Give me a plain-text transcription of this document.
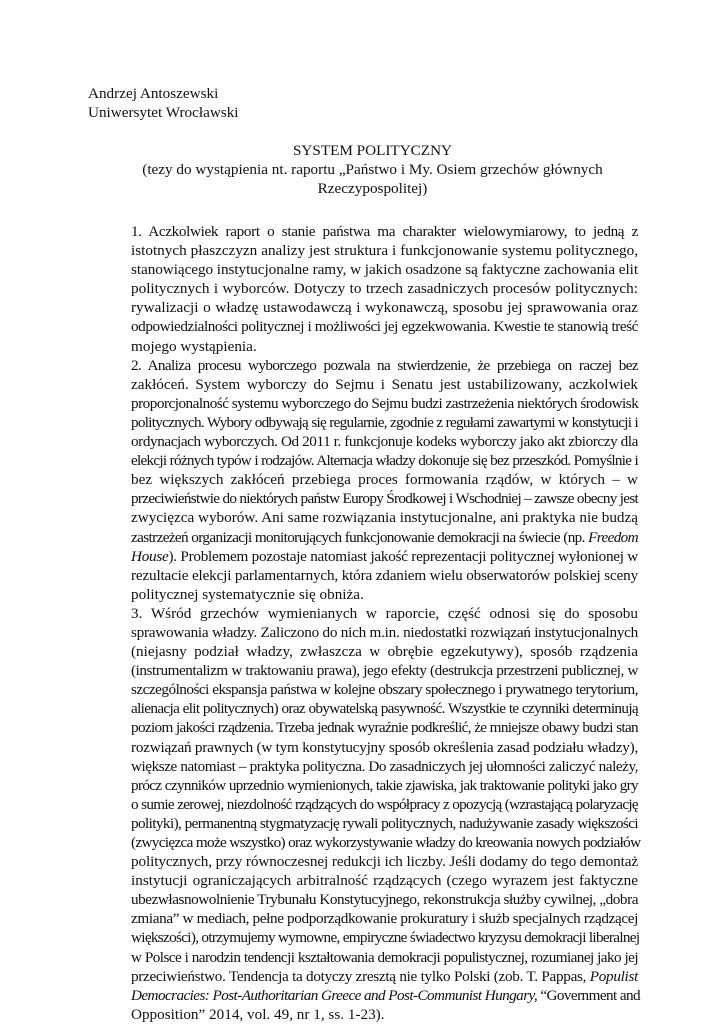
Andrzej Antoszewski
Uniwersytet Wrocławski
SYSTEM POLITYCZNY
(tezy do wystąpienia nt. raportu „Państwo i My. Osiem grzechów głównych
Rzeczypospolitej)
1. Aczkolwiek raport o stanie państwa ma charakter wielowymiarowy, to jedną z
istotnych płaszczyzn analizy jest struktura i funkcjonowanie systemu politycznego,
stanowiącego instytucjonalne ramy, w jakich osadzone są faktyczne zachowania elit
politycznych i wyborców. Dotyczy to trzech zasadniczych procesów politycznych:
rywalizacji o władzę ustawodawczą i wykonawczą, sposobu jej sprawowania oraz
odpowiedzialności politycznej i możliwości jej egzekwowania. Kwestie te stanowią treść
mojego wystąpienia.
2. Analiza procesu wyborczego pozwala na stwierdzenie, że przebiega on raczej bez
zakłóceń. System wyborczy do Sejmu i Senatu jest ustabilizowany, aczkolwiek
proporcjonalność systemu wyborczego do Sejmu budzi zastrzeżenia niektórych środowisk
politycznych. Wybory odbywają się regularnie, zgodnie z regułami zawartymi w konstytucji i
ordynacjach wyborczych. Od 2011 r. funkcjonuje kodeks wyborczy jako akt zbiorczy dla
elekcji różnych typów i rodzajów. Alternacja władzy dokonuje się bez przeszkód. Pomyślnie i
bez większych zakłóceń przebiega proces formowania rządów, w których – w
przeciwieństwie do niektórych państw Europy Środkowej i Wschodniej – zawsze obecny jest
zwycięzca wyborów. Ani same rozwiązania instytucjonalne, ani praktyka nie budzą
zastrzeżeń organizacji monitorujących funkcjonowanie demokracji na świecie (np. Freedom
House). Problemem pozostaje natomiast jakość reprezentacji politycznej wyłonionej w
rezultacie elekcji parlamentarnych, która zdaniem wielu obserwatorów polskiej sceny
politycznej systematycznie się obniża.
3. Wśród grzechów wymienianych w raporcie, część odnosi się do sposobu
sprawowania władzy. Zaliczono do nich m.in. niedostatki rozwiązań instytucjonalnych
(niejasny podział władzy, zwłaszcza w obrębie egzekutywy), sposób rządzenia
(instrumentalizm w traktowaniu prawa), jego efekty (destrukcja przestrzeni publicznej, w
szczególności ekspansja państwa w kolejne obszary społecznego i prywatnego terytorium,
alienacja elit politycznych) oraz obywatelską pasywność. Wszystkie te czynniki determinują
poziom jakości rządzenia. Trzeba jednak wyraźnie podkreślić, że mniejsze obawy budzi stan
rozwiązań prawnych (w tym konstytucyjny sposób określenia zasad podziału władzy),
większe natomiast – praktyka polityczna. Do zasadniczych jej ułomności zaliczyć należy,
prócz czynników uprzednio wymienionych, takie zjawiska, jak traktowanie polityki jako gry
o sumie zerowej, niezdolność rządzących do współpracy z opozycją (wzrastającą polaryzację
polityki), permanentną stygmatyzację rywali politycznych, nadużywanie zasady większości
(zwycięzca może wszystko) oraz wykorzystywanie władzy do kreowania nowych podziałów
politycznych, przy równoczesnej redukcji ich liczby. Jeśli dodamy do tego demontaż
instytucji ograniczających arbitralność rządzących (czego wyrazem jest faktyczne
ubezwłasnowolnienie Trybunału Konstytucyjnego, rekonstrukcja służby cywilnej, „dobra
zmiana” w mediach, pełne podporządkowanie prokuratury i służb specjalnych rządzącej
większości), otrzymujemy wymowne, empiryczne świadectwo kryzysu demokracji liberalnej
w Polsce i narodzin tendencji kształtowania demokracji populistycznej, rozumianej jako jej
przeciwieństwo. Tendencja ta dotyczy zresztą nie tylko Polski (zob. T. Pappas, Populist
Democracies: Post-Authoritarian Greece and Post-Communist Hungary, “Government and
Opposition” 2014, vol. 49, nr 1, ss. 1-23).
